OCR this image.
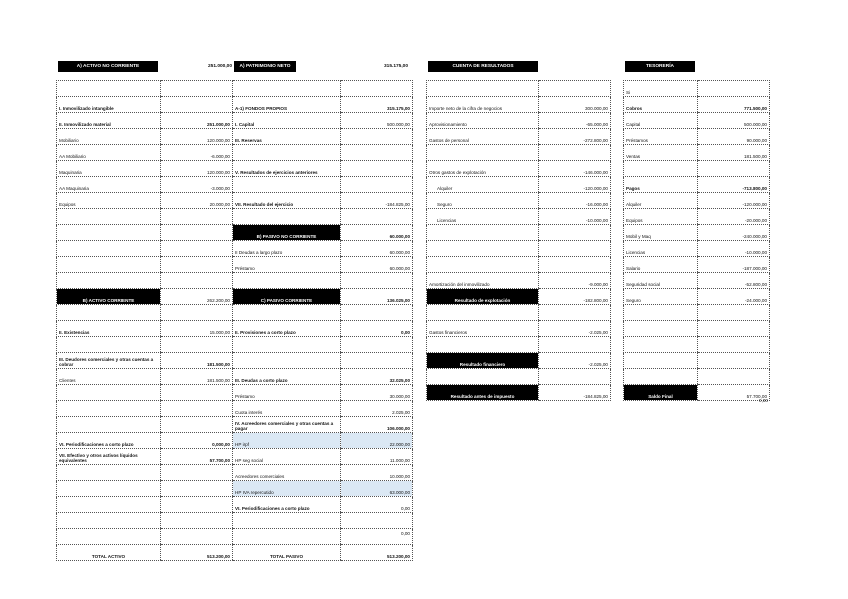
A) ACTIVO NO CORRIENTE	251.000,00	A) PATRIMONIO NETO	315.175,00

I. Inmovilizado intangible		A-1) FONDOS PROPIOS	315.175,00
II. Inmovilizado material	251.000,00	I. Capital	500.000,00
Mobiliario	120.000,00	III. Reservas	
AA Mobiliario	-6.000,00		
Maquinaria	120.000,00	V. Resultados de ejercicios anteriores	
AA Maquinaria	-3.000,00		
Equipos	20.000,00	VII. Resultado del ejercicio	-184.825,00

		B) PASIVO NO CORRIENTE	60.000,00
		II Deudas a largo plazo	60.000,00
		Préstamo	60.000,00

B) ACTIVO CORRIENTE	262.200,00	C) PASIVO CORRIENTE	136.025,00

II. Existencias	15.000,00	II. Provisiones a corto plazo	0,00

III. Deudores comerciales y otras cuentas a cobrar	181.500,00		
Clientes	181.500,00	III. Deudas a corto plazo	32.025,00
		Préstamo	30.000,00
		Cuota interés	2.025,00
		IV. Acreedores comerciales y otras cuentas a pagar	106.000,00
VI. Periodificaciones a corto plazo	0,000,00	HP irpf	22.000,00
VII. Efectivo y otros activos líquidos equivalentes	57.700,00	HP seg social	11.000,00
		Acreedores comerciales	10.000,00
		HP IVA repercutido	63.000,00
		VI. Periodificaciones a corto plazo	0,00

TOTAL ACTIVO	513.200,00	TOTAL PASIVO	513.200,00
0,00
CUENTA DE RESULTADOS

Importe neto de la cifra de negocios	300.000,00
Aprovisionamiento	-65.000,00
Gastos de personal	-272.800,00

Otros gastos de explotación	-146.000,00
Alquiler	-120.000,00
Seguro	-16.000,00
Licencias	-10.000,00

Amortización del inmovilizado	-9.000,00
Resultado de explotación	-182.800,00

Gastos financieros	-2.025,00

Resultado financiero	-2.025,00

Resultado antes de impuesto	-184.825,00
TESORERÍA
Si	
Cobros	771.500,00
Capital	500.000,00
Préstamos	90.000,00
Ventas	181.500,00

Pagos	-713.800,00
Alquiler	-120.000,00
Equipos	-20.000,00
Mobil y Maq	-240.000,00
Licencias	-10.000,00
Salario	-187.000,00
Seguridad social	-52.800,00
Seguro	-24.000,00

Saldo Final	57.700,00
0,00
